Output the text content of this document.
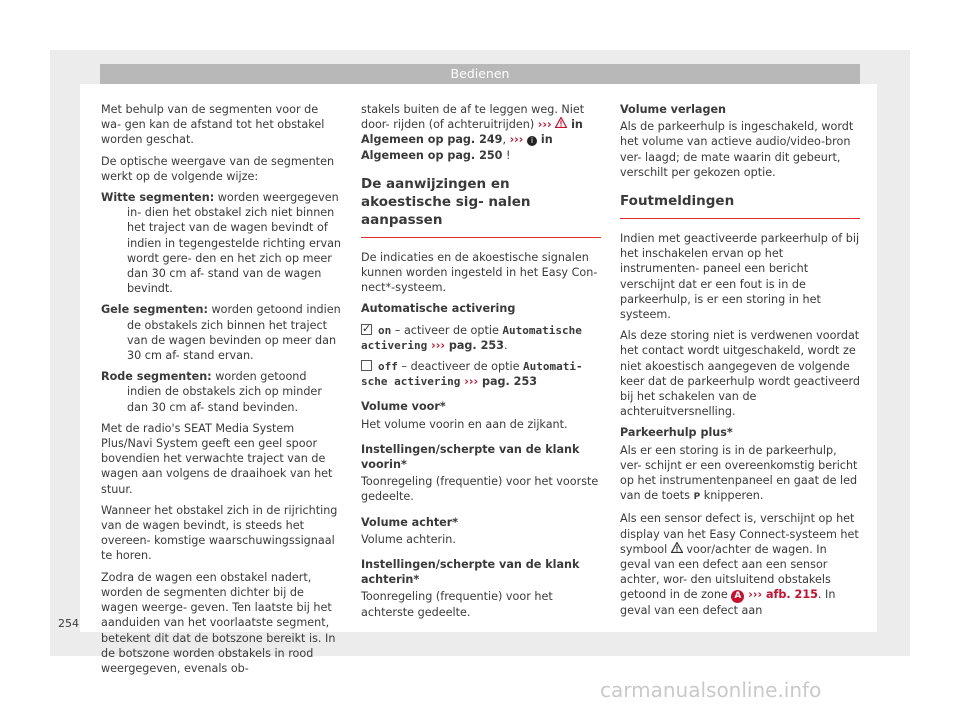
Bedienen

Met behulp van de segmenten voor de wa- gen kan de afstand tot het obstakel worden geschat.

De optische weergave van de segmenten werkt op de volgende wijze:

Witte segmenten: worden weergegeven in- dien het obstakel zich niet binnen het traject van de wagen bevindt of indien in tegengestelde richting ervan wordt gere- den en het zich op meer dan 30 cm af- stand van de wagen bevindt.
Gele segmenten: worden getoond indien de obstakels zich binnen het traject van de wagen bevinden op meer dan 30 cm af- stand ervan.
Rode segmenten: worden getoond indien de obstakels zich op minder dan 30 cm af- stand bevinden.

Met de radio's SEAT Media System Plus/Navi System geeft een geel spoor bovendien het verwachte traject van de wagen aan volgens de draaihoek van het stuur.

Wanneer het obstakel zich in de rijrichting van de wagen bevindt, is steeds het overeen- komstige waarschuwingssignaal te horen.

Zodra de wagen een obstakel nadert, worden de segmenten dichter bij de wagen weerge- geven. Ten laatste bij het aanduiden van het voorlaatste segment, betekent dit dat de botszone bereikt is. In de botszone worden obstakels in rood weergegeven, evenals ob-

stakels buiten de af te leggen weg. Niet door- rijden (of achteruitrijden) ›››  in Algemeen op pag. 249, ››› i in Algemeen op pag. 250 !

De aanwijzingen en akoestische sig- nalen aanpassen

De indicaties en de akoestische signalen kunnen worden ingesteld in het Easy Con- nect*-systeem.

Automatische activering

✓on – activeer de optie Automatische activering ››› pag. 253.

off – deactiveer de optie Automati- sche activering ››› pag. 253

Volume voor*

Het volume voorin en aan de zijkant.

Instellingen/scherpte van de klank voorin*

Toonregeling (frequentie) voor het voorste gedeelte.

Volume achter*

Volume achterin.

Instellingen/scherpte van de klank achterin*

Toonregeling (frequentie) voor het achterste gedeelte.

Volume verlagen

Als de parkeerhulp is ingeschakeld, wordt het volume van actieve audio/video-bron ver- laagd; de mate waarin dit gebeurt, verschilt per gekozen optie.

Foutmeldingen

Indien met geactiveerde parkeerhulp of bij het inschakelen ervan op het instrumenten- paneel een bericht verschijnt dat er een fout is in de parkeerhulp, is er een storing in het systeem.

Als deze storing niet is verdwenen voordat het contact wordt uitgeschakeld, wordt ze niet akoestisch aangegeven de volgende keer dat de parkeerhulp wordt geactiveerd bij het schakelen van de achteruitversnelling.

Parkeerhulp plus*

Als er een storing is in de parkeerhulp, ver- schijnt er een overeenkomstig bericht op het instrumentenpaneel en gaat de led van de toets P knipperen.

Als een sensor defect is, verschijnt op het display van het Easy Connect-systeem het symbool  voor/achter de wagen. In geval van een defect aan een sensor achter, wor- den uitsluitend obstakels getoond in de zone A ››› afb. 215. In geval van een defect aan

254
carmanualsonline.info
